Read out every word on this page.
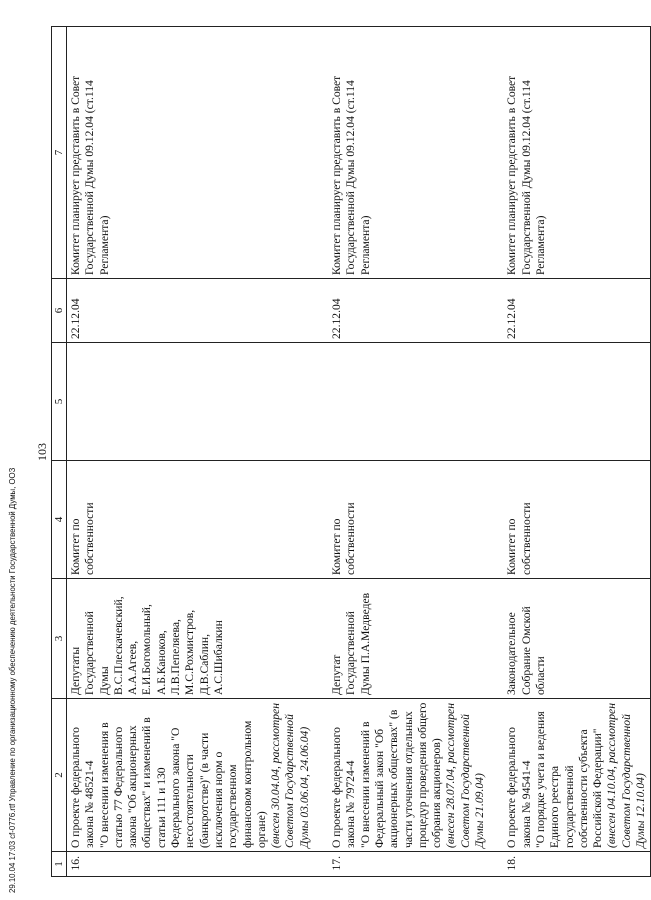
103
1	2	3	4	5	6	7
16.	О проекте федерального закона № 48521-4 "О внесении изменения в статью 77 Федерального закона "Об акционерных обществах" и изменений в статьи 111 и 130 Федерального закона "О несостоятельности (банкротстве)" (в части исключения норм о государственном финансовом контрольном органе) (внесен 30.04.04, рассмотрен Советом Государственной Думы 03.06.04, 24.06.04)	Депутаты Государственной Думы В.С.Плескачевский, А.А.Агеев, Е.И.Богомольный, А.Б.Каноков, Л.В.Пепеляева, М.С.Рохмистров, Д.В.Саблин, А.С.Шибалкин	Комитет по собственности		22.12.04	Комитет планирует представить в Совет Государственной Думы 09.12.04 (ст.114 Регламента)

17.	О проекте федерального закона № 79724-4 "О внесении изменений в Федеральный закон "Об акционерных обществах" (в части уточнения отдельных процедур проведения общего собрания акционеров) (внесен 28.07.04, рассмотрен Советом Государственной Думы 21.09.04)	Депутат Государственной Думы П.А.Медведев	Комитет по собственности		22.12.04	Комитет планирует представить в Совет Государственной Думы 09.12.04 (ст.114 Регламента)

18.	О проекте федерального закона № 94541-4 "О порядке учета и ведения Единого реестра государственной собственности субъекта Российской Федерации" (внесен 04.10.04, рассмотрен Советом Государственной Думы 12.10.04)	Законодательное Собрание Омской области	Комитет по собственности		22.12.04	Комитет планирует представить в Совет Государственной Думы 09.12.04 (ст.114 Регламента)
29.10.04 17:03 сf-0776.rtf Управление по организационному обеспечению деятельности Государственной Думы, ООЗ
